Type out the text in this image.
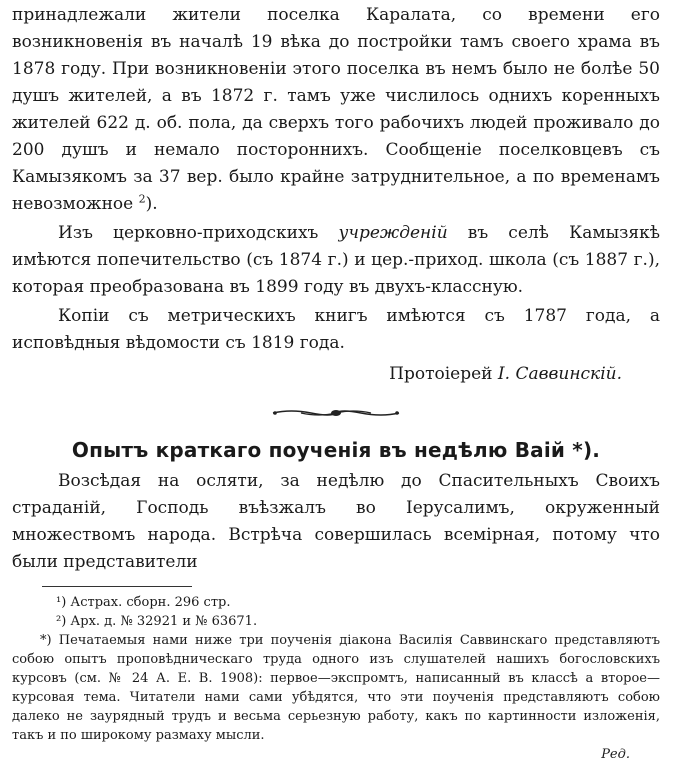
принадлежали жители поселка Каралата, со времени его возникновенія въ началѣ 19 вѣка до постройки тамъ своего храма въ 1878 году. При возникновеніи этого поселка въ немъ было не болѣе 50 душъ жителей, а въ 1872 г. тамъ уже числилось однихъ коренныхъ жителей 622 д. об. пола, да сверхъ того рабочихъ людей проживало до 200 душъ и немало постороннихъ. Сообщеніе поселковцевъ съ Камызякомъ за 37 вер. было крайне затруднительное, а по временамъ невозможное $^2$).

Изъ церковно-приходскихъ учрежденій въ селѣ Камызякѣ имѣются попечительство (съ 1874 г.) и цер.-приход. школа (съ 1887 г.), которая преобразована въ 1899 году въ двухъ-классную.

Копіи съ метрическихъ книгъ имѣются съ 1787 года, а исповѣдныя вѣдомости съ 1819 года.

Протоіерей І. Саввинскій.
Опытъ краткаго поученія въ недѣлю Ваій *).

Возсѣдая на осляти, за недѣлю до Спасительныхъ Своихъ страданій, Господь въѣзжалъ во Іерусалимъ, окруженный множествомъ народа. Встрѣча совершилась всемірная, потому что были представители

¹) Астрах. сборн. 296 стр.

²) Арх. д. № 32921 и № 63671.

*) Печатаемыя нами ниже три поученія діакона Василія Саввинскаго представляютъ собою опытъ проповѣдническаго труда одного изъ слушателей нашихъ богословскихъ курсовъ (см. № 24 А. Е. В. 1908): первое—экспромтъ, написанный въ классѣ а второе—курсовая тема. Читатели нами сами убѣдятся, что эти поученія представляютъ собою далеко не заурядный трудъ и весьма серьезную работу, какъ по картинности изложенія, такъ и по широкому размаху мысли.

Ред.
